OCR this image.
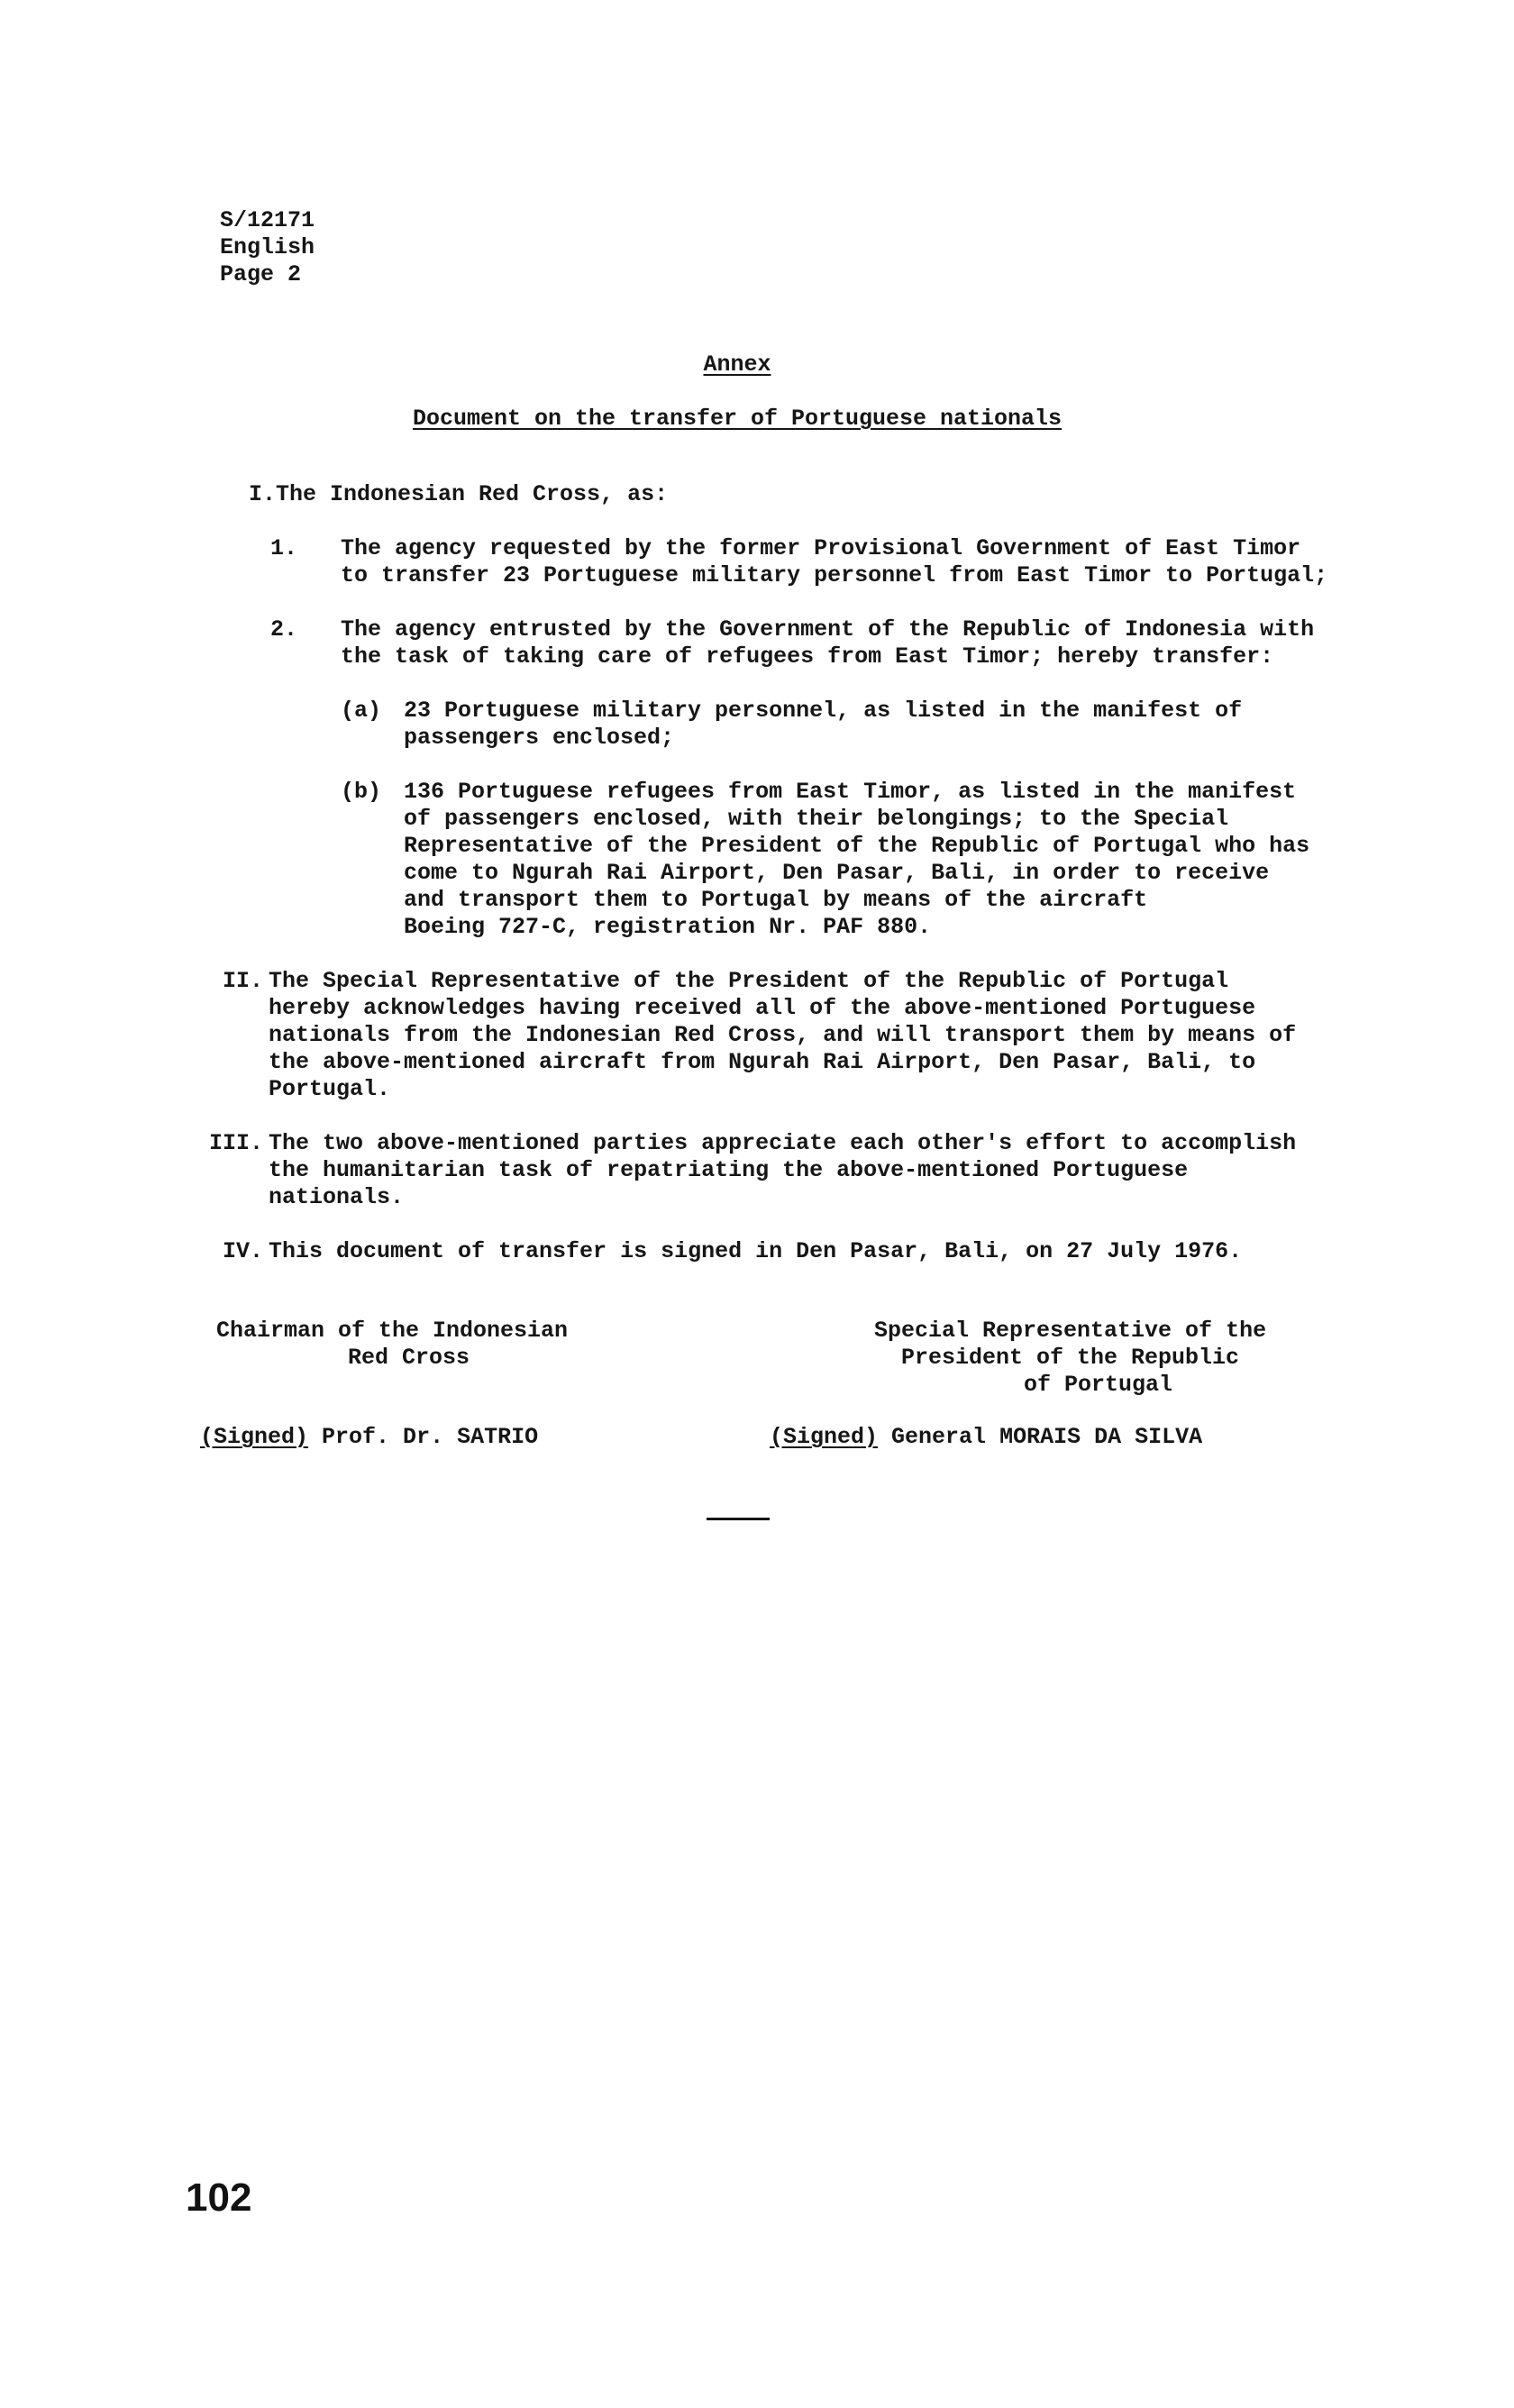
S/12171
English
Page 2
Annex
Document on the transfer of Portuguese nationals
I. The Indonesian Red Cross, as:
1. The agency requested by the former Provisional Government of East Timor
to transfer 23 Portuguese military personnel from East Timor to Portugal;
2. The agency entrusted by the Government of the Republic of Indonesia with
the task of taking care of refugees from East Timor; hereby transfer:
(a) 23 Portuguese military personnel, as listed in the manifest of
passengers enclosed;
(b) 136 Portuguese refugees from East Timor, as listed in the manifest
of passengers enclosed, with their belongings; to the Special
Representative of the President of the Republic of Portugal who has
come to Ngurah Rai Airport, Den Pasar, Bali, in order to receive
and transport them to Portugal by means of the aircraft
Boeing 727-C, registration Nr. PAF 880.
II. The Special Representative of the President of the Republic of Portugal
hereby acknowledges having received all of the above-mentioned Portuguese
nationals from the Indonesian Red Cross, and will transport them by means of
the above-mentioned aircraft from Ngurah Rai Airport, Den Pasar, Bali, to
Portugal.
III. The two above-mentioned parties appreciate each other's effort to accomplish
the humanitarian task of repatriating the above-mentioned Portuguese
nationals.
IV. This document of transfer is signed in Den Pasar, Bali, on 27 July 1976.
Chairman of the Indonesian
Red Cross
(Signed) Prof. Dr. SATRIO
Special Representative of the
President of the Republic
of Portugal
(Signed) General MORAIS DA SILVA
102
